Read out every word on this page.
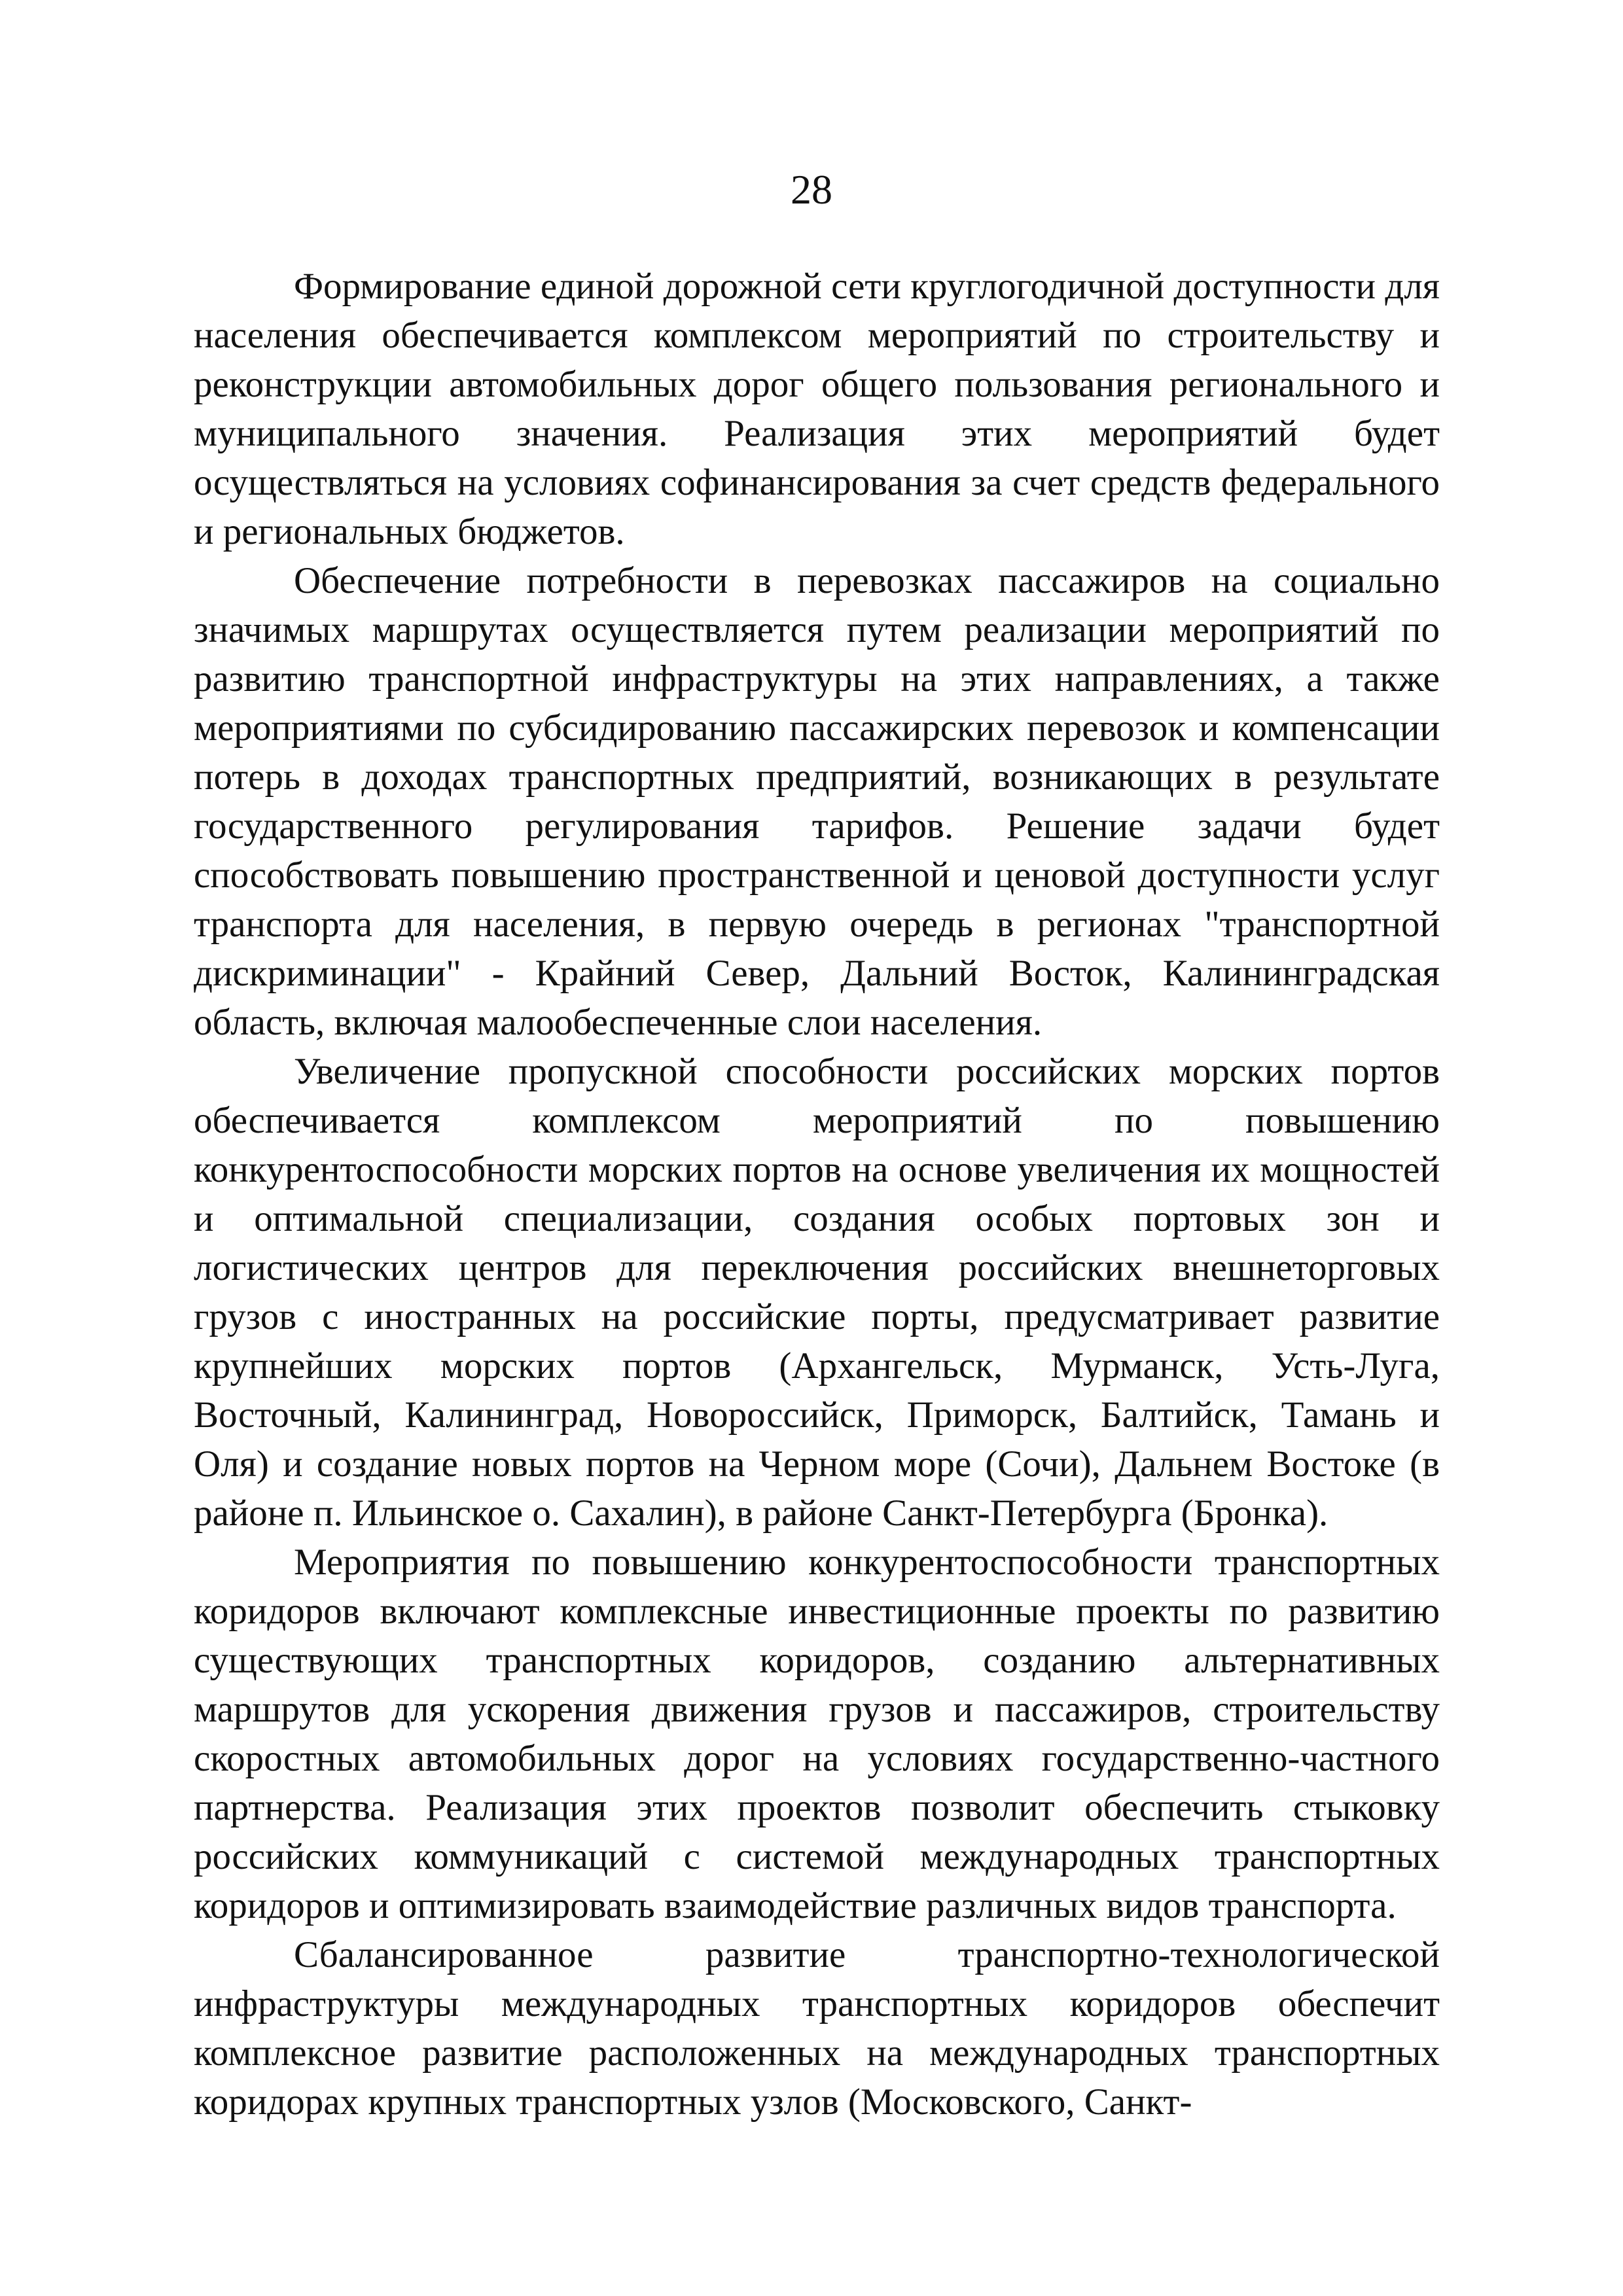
28

Формирование единой дорожной сети круглогодичной доступности для населения обеспечивается комплексом мероприятий по строительству и реконструкции автомобильных дорог общего пользования регионального и муниципального значения. Реализация этих мероприятий будет осуществляться на условиях софинансирования за счет средств федерального и региональных бюджетов.

Обеспечение потребности в перевозках пассажиров на социально значимых маршрутах осуществляется путем реализации мероприятий по развитию транспортной инфраструктуры на этих направлениях, а также мероприятиями по субсидированию пассажирских перевозок и компенсации потерь в доходах транспортных предприятий, возникающих в результате государственного регулирования тарифов. Решение задачи будет способствовать повышению пространственной и ценовой доступности услуг транспорта для населения, в первую очередь в регионах "транспортной дискриминации" - Крайний Север, Дальний Восток, Калининградская область, включая малообеспеченные слои населения.

Увеличение пропускной способности российских морских портов обеспечивается комплексом мероприятий по повышению конкурентоспособности морских портов на основе увеличения их мощностей и оптимальной специализации, создания особых портовых зон и логистических центров для переключения российских внешнеторговых грузов с иностранных на российские порты, предусматривает развитие крупнейших морских портов (Архангельск, Мурманск, Усть-Луга, Восточный, Калининград, Новороссийск, Приморск, Балтийск, Тамань и Оля) и создание новых портов на Черном море (Сочи), Дальнем Востоке (в районе п. Ильинское о. Сахалин), в районе Санкт-Петербурга (Бронка).

Мероприятия по повышению конкурентоспособности транспортных коридоров включают комплексные инвестиционные проекты по развитию существующих транспортных коридоров, созданию альтернативных маршрутов для ускорения движения грузов и пассажиров, строительству скоростных автомобильных дорог на условиях государственно-частного партнерства. Реализация этих проектов позволит обеспечить стыковку российских коммуникаций с системой международных транспортных коридоров и оптимизировать взаимодействие различных видов транспорта.

Сбалансированное развитие транспортно-технологической инфраструктуры международных транспортных коридоров обеспечит комплексное развитие расположенных на международных транспортных коридорах крупных транспортных узлов (Московского, Санкт-
